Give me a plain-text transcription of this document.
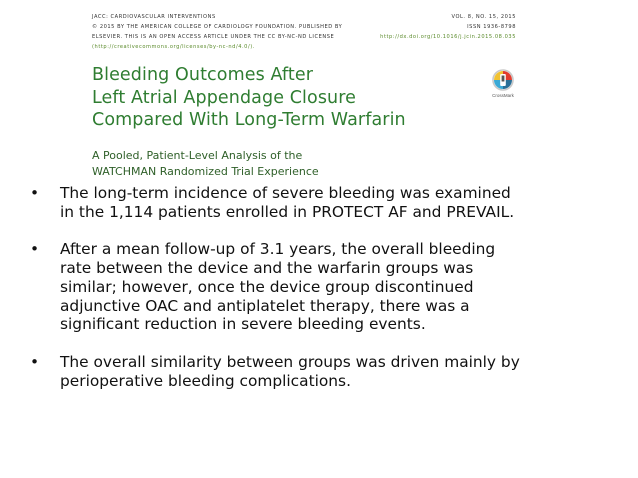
JACC: CARDIOVASCULAR INTERVENTIONS	VOL. 8, NO. 15, 2015
© 2015 BY THE AMERICAN COLLEGE OF CARDIOLOGY FOUNDATION. PUBLISHED BY	ISSN 1936-8798
ELSEVIER. THIS IS AN OPEN ACCESS ARTICLE UNDER THE CC BY-NC-ND LICENSE	http://dx.doi.org/10.1016/j.jcin.2015.08.035
(http://creativecommons.org/licenses/by-nc-nd/4.0/).
Bleeding Outcomes After
Left Atrial Appendage Closure
Compared With Long-Term Warfarin
A Pooled, Patient-Level Analysis of the
WATCHMAN Randomized Trial Experience
CrossMark
• The long-term incidence of severe bleeding was examined
in the 1,114 patients enrolled in PROTECT AF and PREVAIL.
• After a mean follow-up of 3.1 years, the overall bleeding
rate between the device and the warfarin groups was
similar; however, once the device group discontinued
adjunctive OAC and antiplatelet therapy, there was a
significant reduction in severe bleeding events.
• The overall similarity between groups was driven mainly by
perioperative bleeding complications.
